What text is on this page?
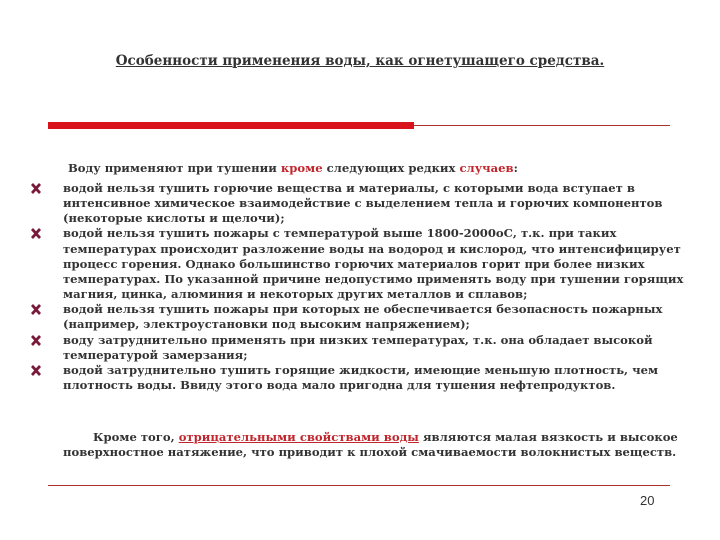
Особенности применения воды, как огнетушащего средства.
Воду применяют при тушении кроме следующих редких случаев:
водой нельзя тушить горючие вещества и материалы, с которыми вода вступает в интенсивное химическое взаимодействие с выделением тепла и горючих компонентов (некоторые кислоты и щелочи);
водой нельзя тушить пожары с температурой выше 1800-2000оС, т.к. при таких температурах происходит разложение воды на водород и кислород, что интенсифицирует процесс горения. Однако большинство горючих материалов горит при более низких температурах. По указанной причине недопустимо применять воду при тушении горящих магния, цинка, алюминия и некоторых других металлов и сплавов;
водой нельзя тушить пожары при которых не обеспечивается безопасность пожарных (например, электроустановки под высоким напряжением);
воду затруднительно применять при низких температурах, т.к. она обладает высокой температурой замерзания;
водой затруднительно тушить горящие жидкости, имеющие меньшую плотность, чем плотность воды. Ввиду этого вода мало пригодна для тушения нефтепродуктов.
Кроме того, отрицательными свойствами воды являются малая вязкость и высокое поверхностное натяжение, что приводит к плохой смачиваемости волокнистых веществ.
20
